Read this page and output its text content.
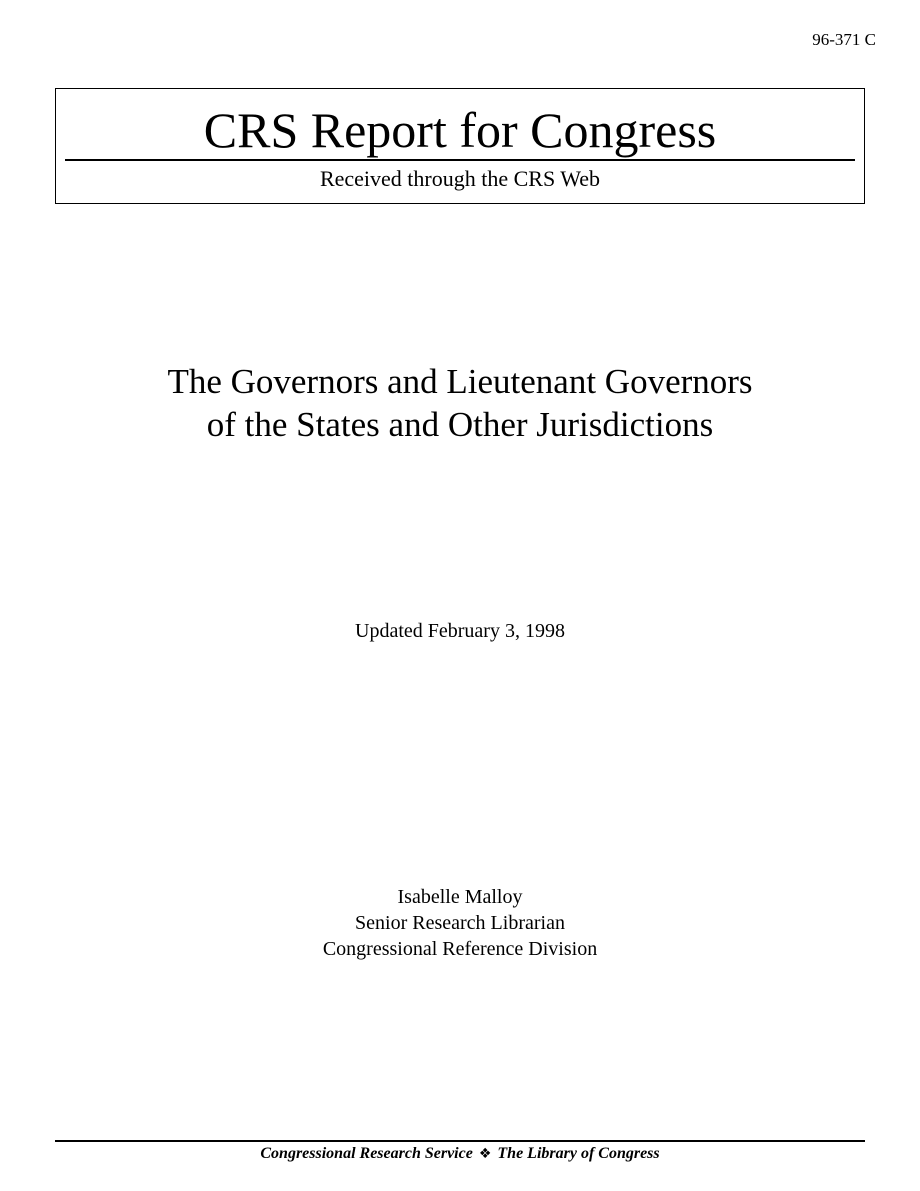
96-371 C
CRS Report for Congress
Received through the CRS Web
The Governors and Lieutenant Governors
of the States and Other Jurisdictions
Updated February 3, 1998
Isabelle Malloy
Senior Research Librarian
Congressional Reference Division
Congressional Research Service ❖ The Library of Congress
